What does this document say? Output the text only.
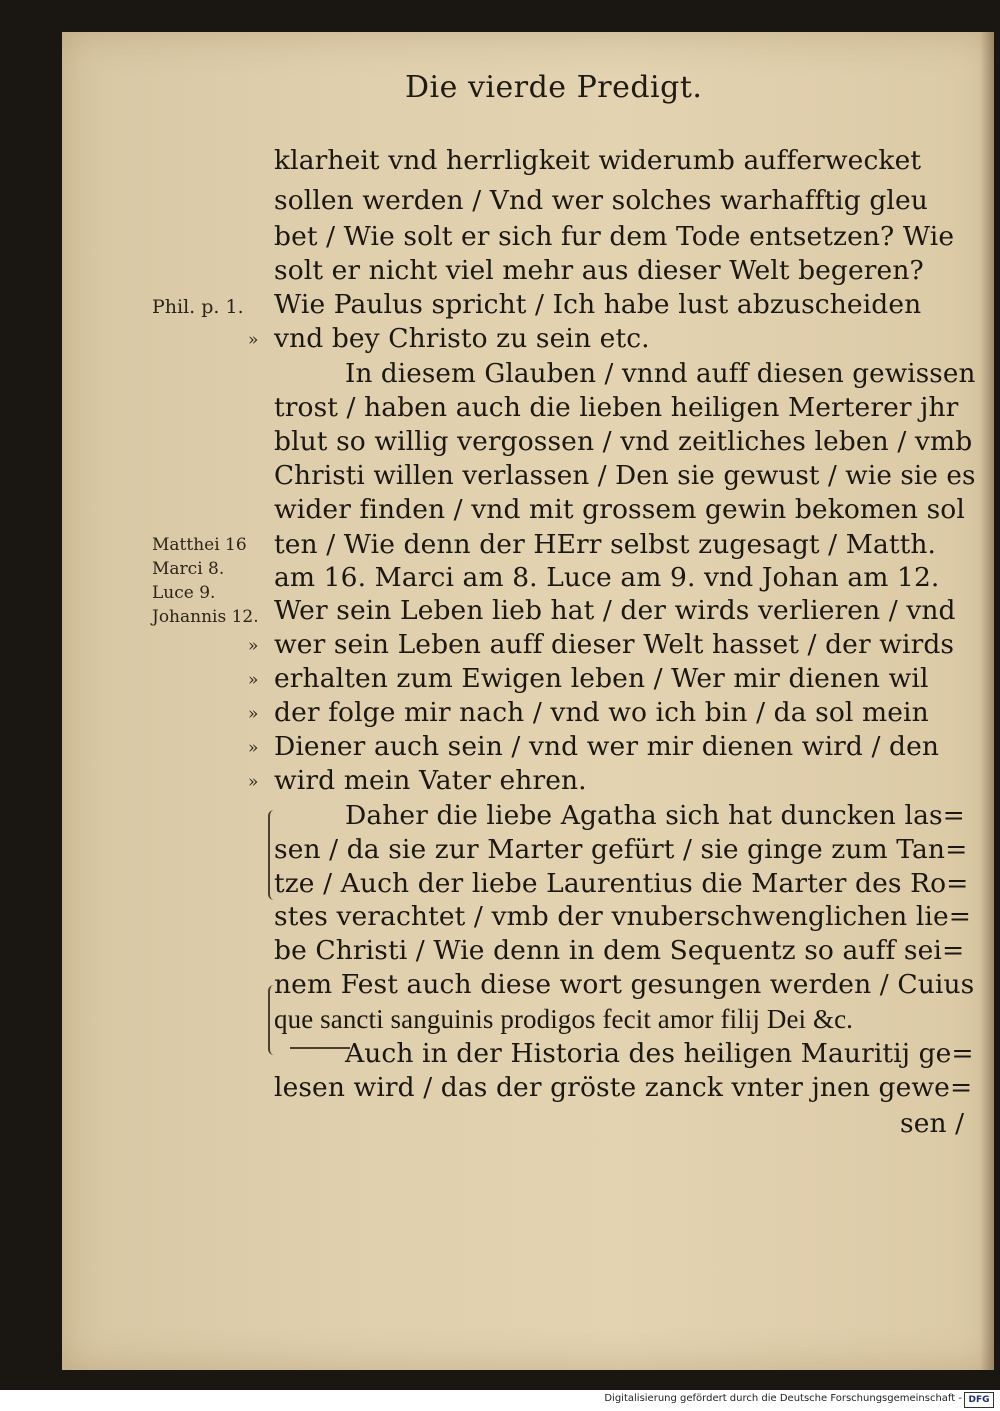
Die vierde Predigt.
klarheit vnd herrligkeit widerumb aufferwecket
sollen werden / Vnd wer solches warhafftig gleu
bet / Wie solt er sich fur dem Tode entsetzen? Wie
solt er nicht viel mehr aus dieser Welt begeren?
Wie Paulus spricht / Ich habe lust abzuscheiden
vnd bey Christo zu sein etc.
In diesem Glauben / vnnd auff diesen gewissen
trost / haben auch die lieben heiligen Merterer jhr
blut so willig vergossen / vnd zeitliches leben / vmb
Christi willen verlassen / Den sie gewust / wie sie es
wider finden / vnd mit grossem gewin bekomen sol
ten / Wie denn der HErr selbst zugesagt / Matth.
am 16. Marci am 8. Luce am 9. vnd Johan am 12.
Wer sein Leben lieb hat / der wirds verlieren / vnd
wer sein Leben auff dieser Welt hasset / der wirds
erhalten zum Ewigen leben / Wer mir dienen wil
der folge mir nach / vnd wo ich bin / da sol mein
Diener auch sein / vnd wer mir dienen wird / den
wird mein Vater ehren.
Daher die liebe Agatha sich hat duncken las=
sen / da sie zur Marter gefürt / sie ginge zum Tan=
tze / Auch der liebe Laurentius die Marter des Ro=
stes verachtet / vmb der vnuberschwenglichen lie=
be Christi / Wie denn in dem Sequentz so auff sei=
nem Fest auch diese wort gesungen werden / Cuius
que sancti sanguinis prodigos fecit amor filij Dei &c.
Auch in der Historia des heiligen Mauritij ge=
lesen wird / das der gröste zanck vnter jnen gewe=
sen /
Phil. p. 1.
Matthei 16
Marci 8.
Luce 9.
Johannis 12.
»
»
»
»
»
»
Digitalisierung gefördert durch die Deutsche Forschungsgemeinschaft - DFG
